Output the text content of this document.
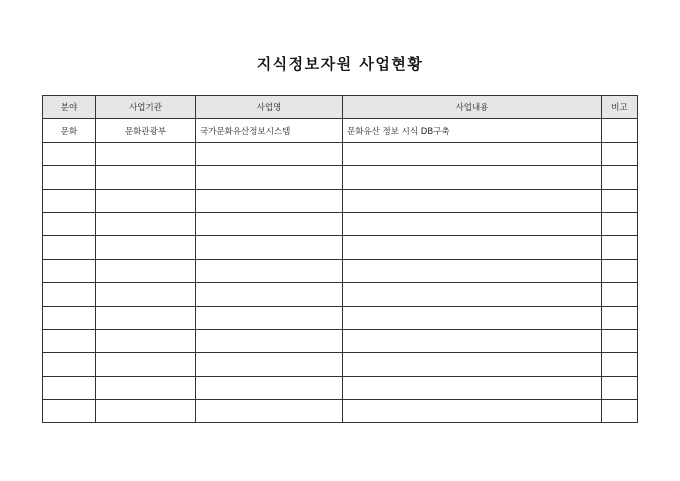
지식정보자원 사업현황
분야	사업기관	사업명	사업내용	비고
문화	문화관광부	국가문화유산정보시스템	문화유산 정보 시식 DB구축	
